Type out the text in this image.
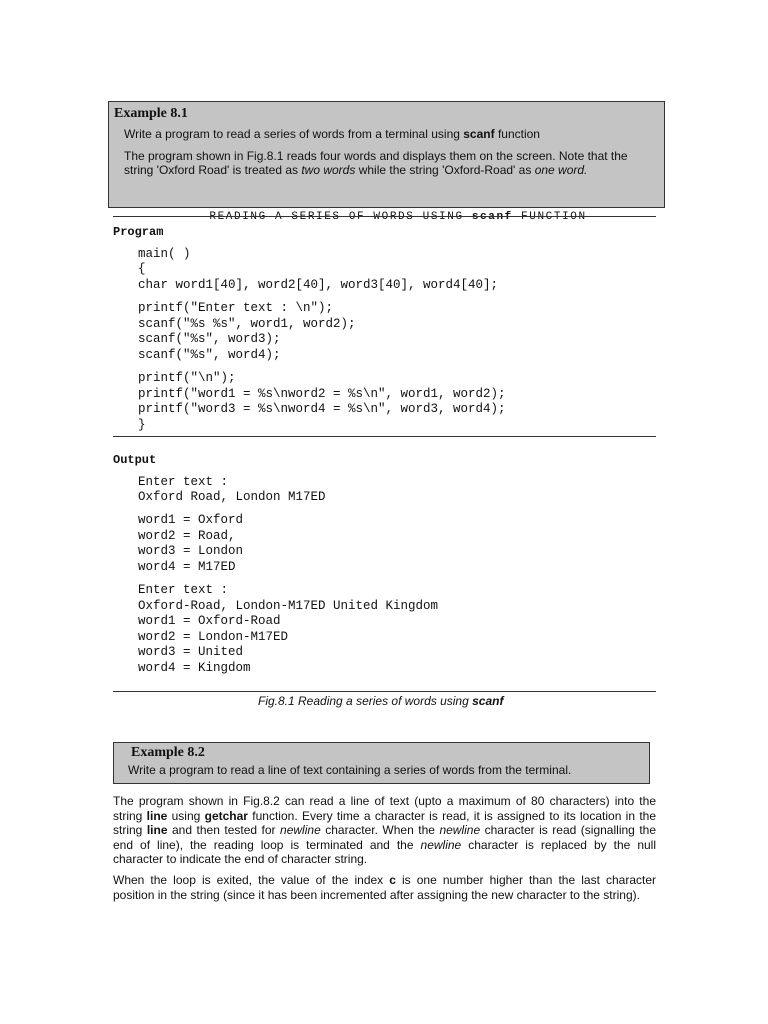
Example 8.1
Write a program to read a series of words from a terminal using scanf function
The program shown in Fig.8.1 reads four words and displays them on the screen. Note that the
string 'Oxford Road' is treated as two words while the string 'Oxford-Road' as one word.

READING A SERIES OF WORDS USING scanf FUNCTION

Program

main( )

{

char word1[40], word2[40], word3[40], word4[40];

printf("Enter text : \n");

scanf("%s %s", word1, word2);

scanf("%s", word3);

scanf("%s", word4);

printf("\n");

printf("word1 = %s\nword2 = %s\n", word1, word2);

printf("word3 = %s\nword4 = %s\n", word3, word4);

}

Output

Enter text :

Oxford Road, London M17ED

word1 = Oxford

word2 = Road,

word3 = London

word4 = M17ED

Enter text :

Oxford-Road, London-M17ED United Kingdom

word1 = Oxford-Road

word2 = London-M17ED

word3 = United

word4 = Kingdom

Fig.8.1 Reading a series of words using scanf
Example 8.2
Write a program to read a line of text containing a series of words from the terminal.
The program shown in Fig.8.2 can read a line of text (upto a maximum of 80 characters) into the
string line using getchar function. Every time a character is read, it is assigned to its location in the
string line and then tested for newline character. When the newline character is read (signalling the
end of line), the reading loop is terminated and the newline character is replaced by the null
character to indicate the end of character string.
When the loop is exited, the value of the index c is one number higher than the last character
position in the string (since it has been incremented after assigning the new character to the string).
